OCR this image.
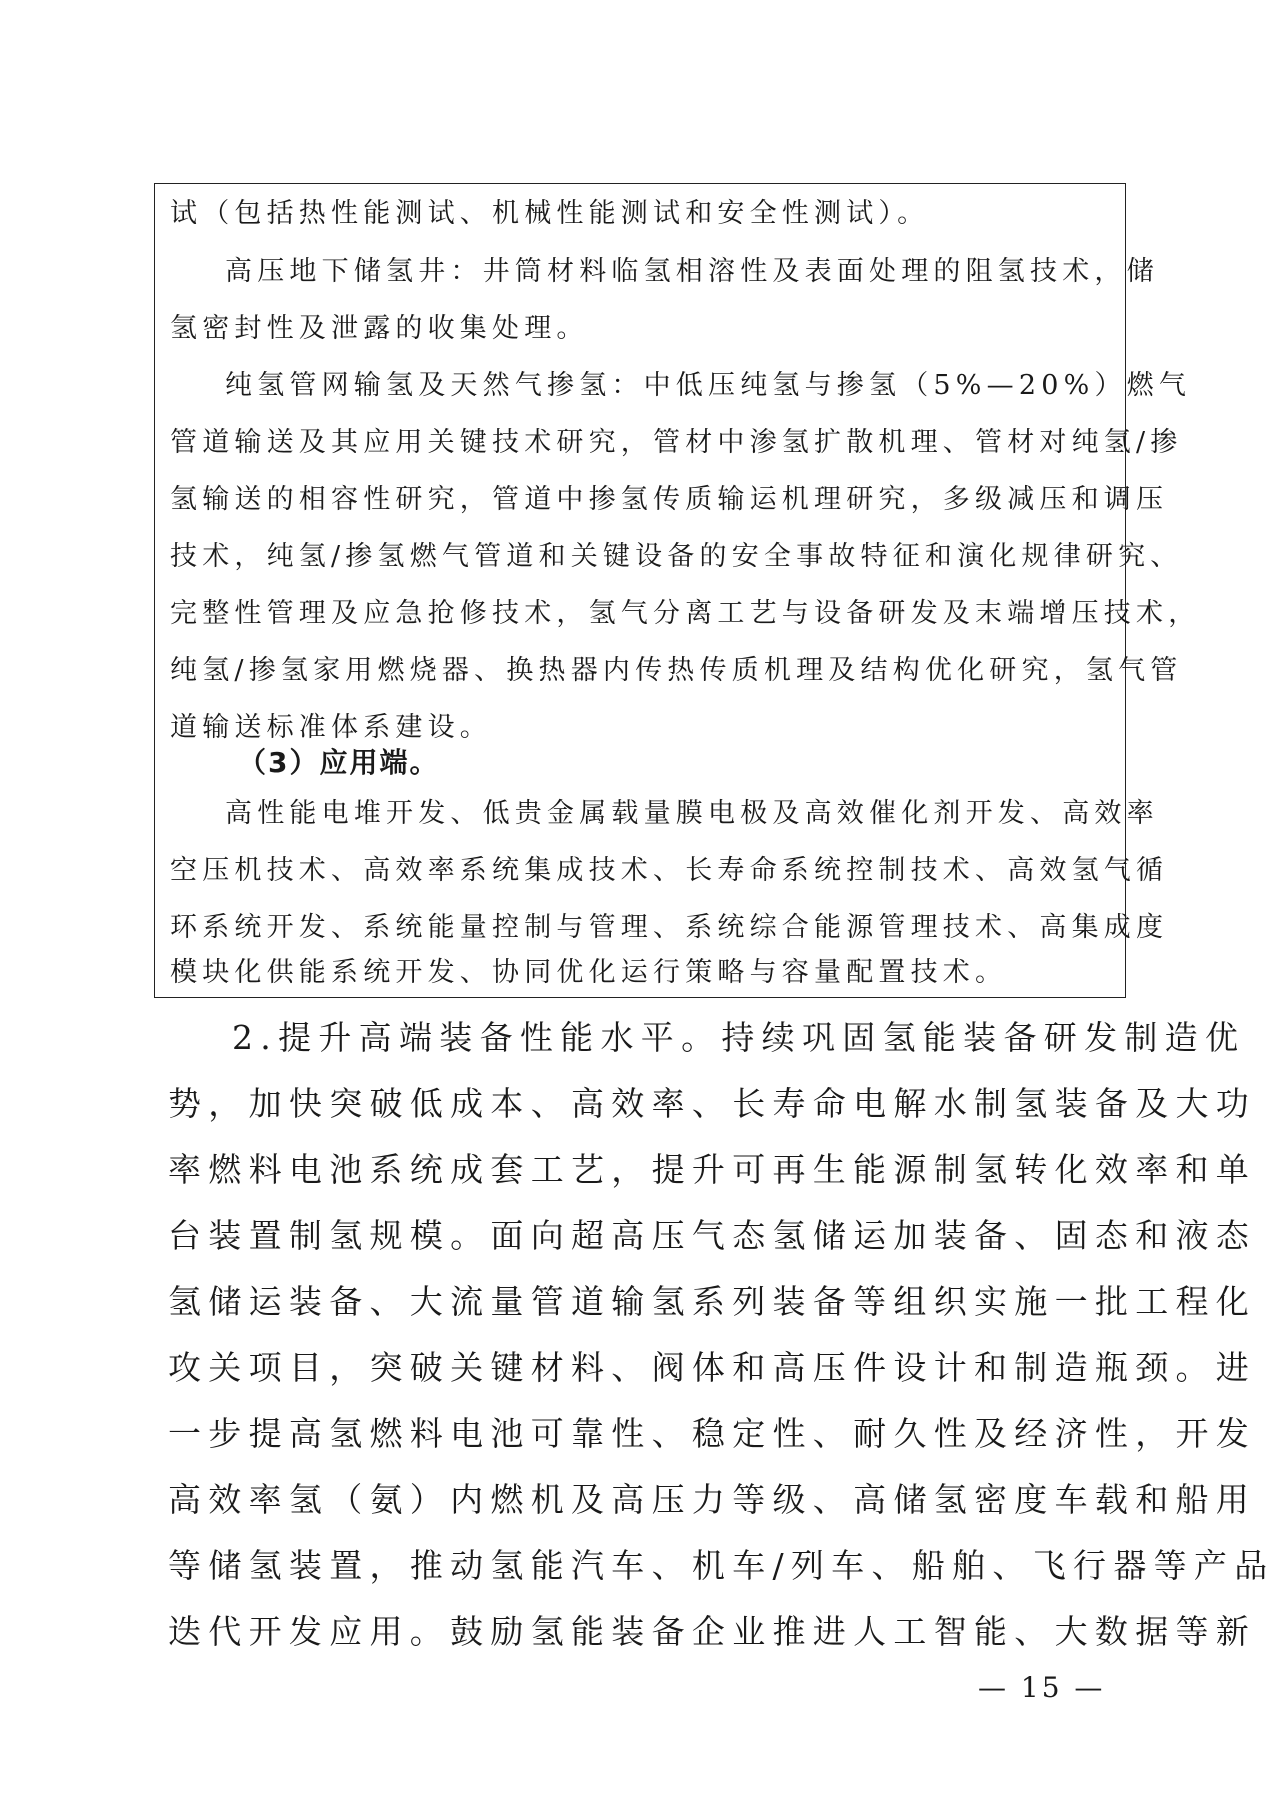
试（包括热性能测试、机械性能测试和安全性测试）。
高压地下储氢井：井筒材料临氢相溶性及表面处理的阻氢技术，储
氢密封性及泄露的收集处理。
纯氢管网输氢及天然气掺氢：中低压纯氢与掺氢（5%—20%）燃气
管道输送及其应用关键技术研究，管材中渗氢扩散机理、管材对纯氢/掺
氢输送的相容性研究，管道中掺氢传质输运机理研究，多级减压和调压
技术，纯氢/掺氢燃气管道和关键设备的安全事故特征和演化规律研究、
完整性管理及应急抢修技术，氢气分离工艺与设备研发及末端增压技术，
纯氢/掺氢家用燃烧器、换热器内传热传质机理及结构优化研究，氢气管
道输送标准体系建设。
（3）应用端。
高性能电堆开发、低贵金属载量膜电极及高效催化剂开发、高效率
空压机技术、高效率系统集成技术、长寿命系统控制技术、高效氢气循
环系统开发、系统能量控制与管理、系统综合能源管理技术、高集成度
模块化供能系统开发、协同优化运行策略与容量配置技术。
2.提升高端装备性能水平。持续巩固氢能装备研发制造优
势，加快突破低成本、高效率、长寿命电解水制氢装备及大功
率燃料电池系统成套工艺，提升可再生能源制氢转化效率和单
台装置制氢规模。面向超高压气态氢储运加装备、固态和液态
氢储运装备、大流量管道输氢系列装备等组织实施一批工程化
攻关项目，突破关键材料、阀体和高压件设计和制造瓶颈。进
一步提高氢燃料电池可靠性、稳定性、耐久性及经济性，开发
高效率氢（氨）内燃机及高压力等级、高储氢密度车载和船用
等储氢装置，推动氢能汽车、机车/列车、船舶、飞行器等产品
迭代开发应用。鼓励氢能装备企业推进人工智能、大数据等新
— 15 —
